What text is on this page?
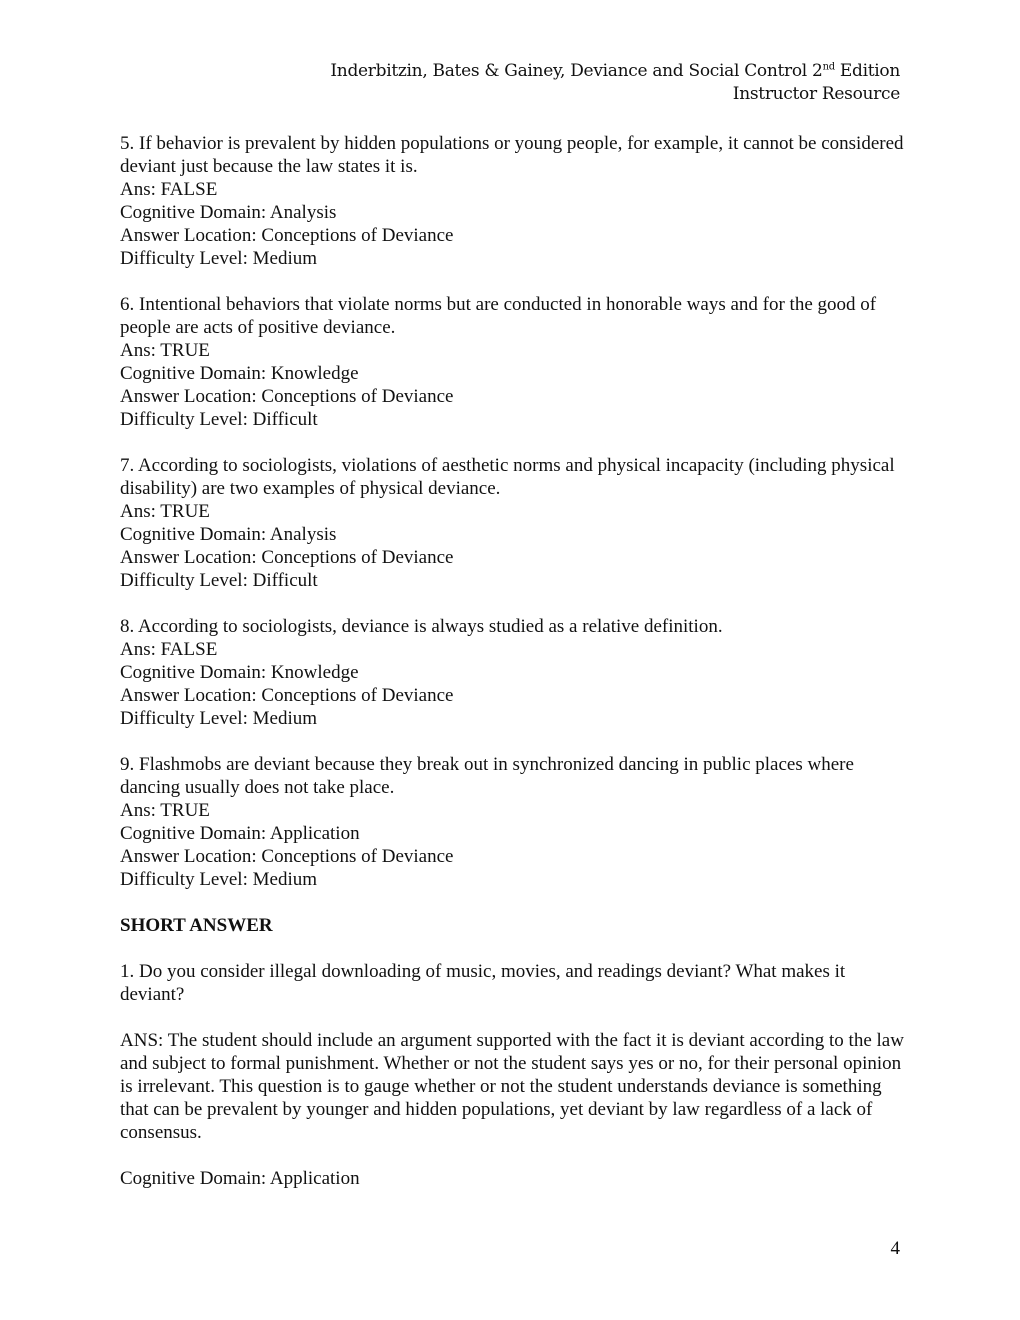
Inderbitzin, Bates & Gainey, Deviance and Social Control 2nd Edition
Instructor Resource
5. If behavior is prevalent by hidden populations or young people, for example, it cannot be considered deviant just because the law states it is.
Ans: FALSE
Cognitive Domain: Analysis
Answer Location: Conceptions of Deviance
Difficulty Level: Medium
6. Intentional behaviors that violate norms but are conducted in honorable ways and for the good of people are acts of positive deviance.
Ans: TRUE
Cognitive Domain: Knowledge
Answer Location: Conceptions of Deviance
Difficulty Level: Difficult
7. According to sociologists, violations of aesthetic norms and physical incapacity (including physical disability) are two examples of physical deviance.
Ans: TRUE
Cognitive Domain: Analysis
Answer Location: Conceptions of Deviance
Difficulty Level: Difficult
8. According to sociologists, deviance is always studied as a relative definition.
Ans: FALSE
Cognitive Domain: Knowledge
Answer Location: Conceptions of Deviance
Difficulty Level: Medium
9. Flashmobs are deviant because they break out in synchronized dancing in public places where dancing usually does not take place.
Ans: TRUE
Cognitive Domain: Application
Answer Location: Conceptions of Deviance
Difficulty Level: Medium
SHORT ANSWER
1. Do you consider illegal downloading of music, movies, and readings deviant? What makes it deviant?
ANS: The student should include an argument supported with the fact it is deviant according to the law and subject to formal punishment. Whether or not the student says yes or no, for their personal opinion is irrelevant. This question is to gauge whether or not the student understands deviance is something that can be prevalent by younger and hidden populations, yet deviant by law regardless of a lack of consensus.
Cognitive Domain: Application
4
